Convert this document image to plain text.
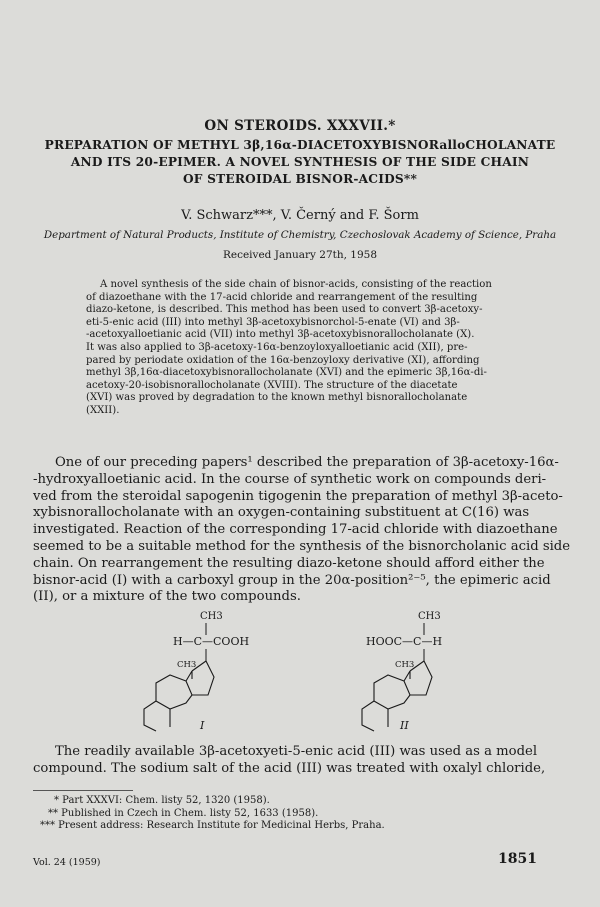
ON STEROIDS. XXXVII.*
PREPARATION OF METHYL 3β,16α-DIACETOXYBISNORalloCHOLANATE
AND ITS 20-EPIMER. A NOVEL SYNTHESIS OF THE SIDE CHAIN
OF STEROIDAL BISNOR-ACIDS**
V. Schwarz***, V. Černý and F. Šorm
Department of Natural Products, Institute of Chemistry, Czechoslovak Academy of Science, Praha
Received January 27th, 1958
A novel synthesis of the side chain of bisnor-acids, consisting of the reaction
of diazoethane with the 17-acid chloride and rearrangement of the resulting
diazo-ketone, is described. This method has been used to convert 3β-acetoxy-
eti-5-enic acid (III) into methyl 3β-acetoxybisnorchol-5-enate (VI) and 3β-
-acetoxyalloetianic acid (VII) into methyl 3β-acetoxybisnorallocholanate (X).
It was also applied to 3β-acetoxy-16α-benzoyloxyalloetianic acid (XII), pre-
pared by periodate oxidation of the 16α-benzoyloxy derivative (XI), affording
methyl 3β,16α-diacetoxybisnorallocholanate (XVI) and the epimeric 3β,16α-di-
acetoxy-20-isobisnorallocholanate (XVIII). The structure of the diacetate
(XVI) was proved by degradation to the known methyl bisnorallocholanate
(XXII).
One of our preceding papers¹ described the preparation of 3β-acetoxy-16α-
-hydroxyalloetianic acid. In the course of synthetic work on compounds deri-
ved from the steroidal sapogenin tigogenin the preparation of methyl 3β-aceto-
xybisnorallocholanate with an oxygen-containing substituent at C(16) was
investigated. Reaction of the corresponding 17-acid chloride with diazoethane
seemed to be a suitable method for the synthesis of the bisnorcholanic acid side
chain. On rearrangement the resulting diazo-ketone should afford either the
bisnor-acid (I) with a carboxyl group in the 20α-position²⁻⁵, the epimeric acid
(II), or a mixture of the two compounds.
CH3
H—C—COOH
CH3
I
CH3
HOOC—C—H
CH3
II
The readily available 3β-acetoxyeti-5-enic acid (III) was used as a model
compound. The sodium salt of the acid (III) was treated with oxalyl chloride,
* Part XXXVI: Chem. listy 52, 1320 (1958).
** Published in Czech in Chem. listy 52, 1633 (1958).
*** Present address: Research Institute for Medicinal Herbs, Praha.
Vol. 24 (1959)	1851
